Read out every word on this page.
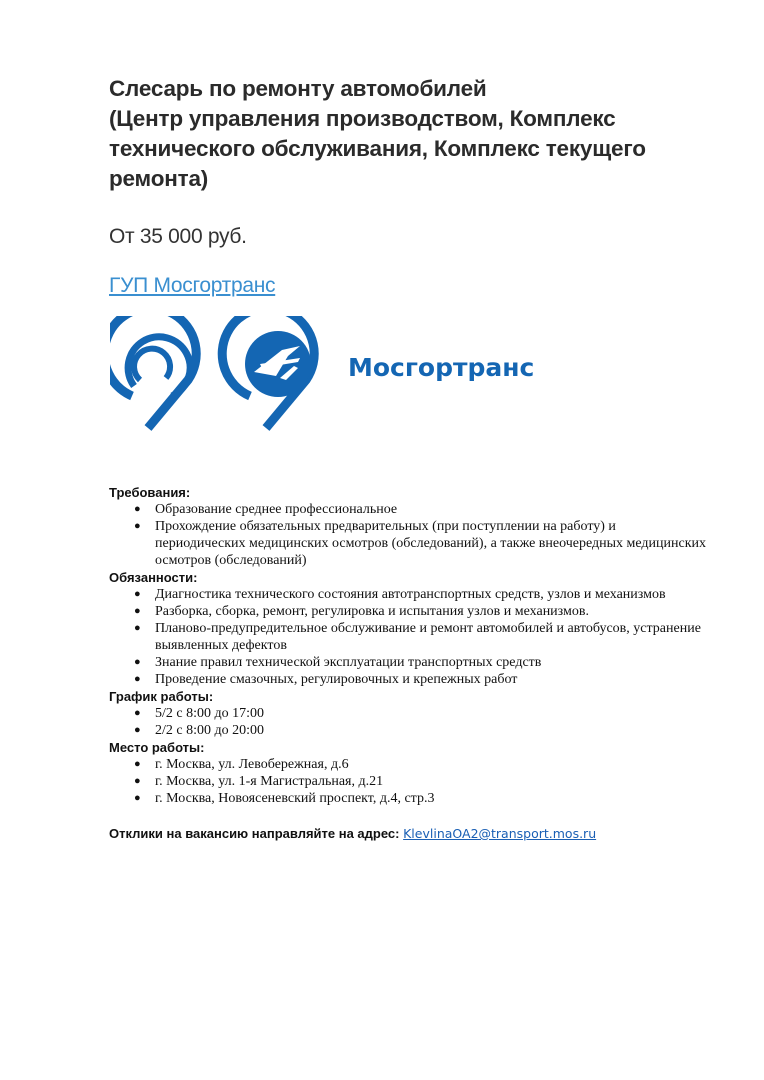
Слесарь по ремонту автомобилей
(Центр управления производством, Комплекс
технического обслуживания, Комплекс текущего
ремонта)
От 35 000 руб.
ГУП Мосгортранс
Мосгортранс
Требования:
● Образование среднее профессиональное
● Прохождение обязательных предварительных (при поступлении на работу) и периодических медицинских осмотров (обследований), а также внеочередных медицинских осмотров (обследований)
Обязанности:
● Диагностика технического состояния автотранспортных средств, узлов и механизмов
● Разборка, сборка, ремонт, регулировка и испытания узлов и механизмов.
● Планово-предупредительное обслуживание и ремонт автомобилей и автобусов, устранение выявленных дефектов
● Знание правил технической эксплуатации транспортных средств
● Проведение смазочных, регулировочных и крепежных работ
График работы:
● 5/2 с 8:00 до 17:00
● 2/2 с 8:00 до 20:00
Место работы:
● г. Москва, ул. Левобережная, д.6
● г. Москва, ул. 1-я Магистральная, д.21
● г. Москва, Новоясеневский проспект, д.4, стр.3
Отклики на вакансию направляйте на адрес: KlevlinaOA2@transport.mos.ru
